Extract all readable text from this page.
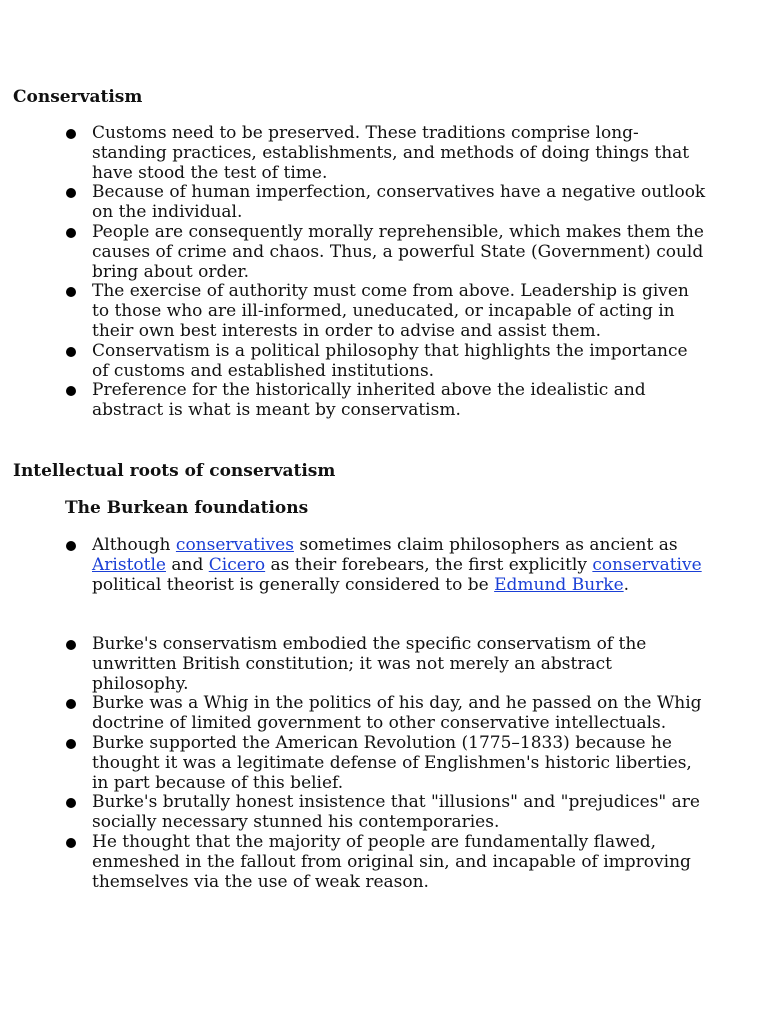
Conservatism
Customs need to be preserved. These traditions comprise long-standing practices, establishments, and methods of doing things that have stood the test of time.
Because of human imperfection, conservatives have a negative outlook on the individual.
People are consequently morally reprehensible, which makes them the causes of crime and chaos. Thus, a powerful State (Government) could bring about order.
The exercise of authority must come from above. Leadership is given to those who are ill-informed, uneducated, or incapable of acting in their own best interests in order to advise and assist them.
Conservatism is a political philosophy that highlights the importance of customs and established institutions.
Preference for the historically inherited above the idealistic and abstract is what is meant by conservatism.
Intellectual roots of conservatism
The Burkean foundations
Although conservatives sometimes claim philosophers as ancient as Aristotle and Cicero as their forebears, the first explicitly conservative political theorist is generally considered to be Edmund Burke.
Burke's conservatism embodied the specific conservatism of the unwritten British constitution; it was not merely an abstract philosophy.
Burke was a Whig in the politics of his day, and he passed on the Whig doctrine of limited government to other conservative intellectuals.
Burke supported the American Revolution (1775–1833) because he thought it was a legitimate defense of Englishmen's historic liberties, in part because of this belief.
Burke's brutally honest insistence that "illusions" and "prejudices" are socially necessary stunned his contemporaries.
He thought that the majority of people are fundamentally flawed, enmeshed in the fallout from original sin, and incapable of improving themselves via the use of weak reason.
